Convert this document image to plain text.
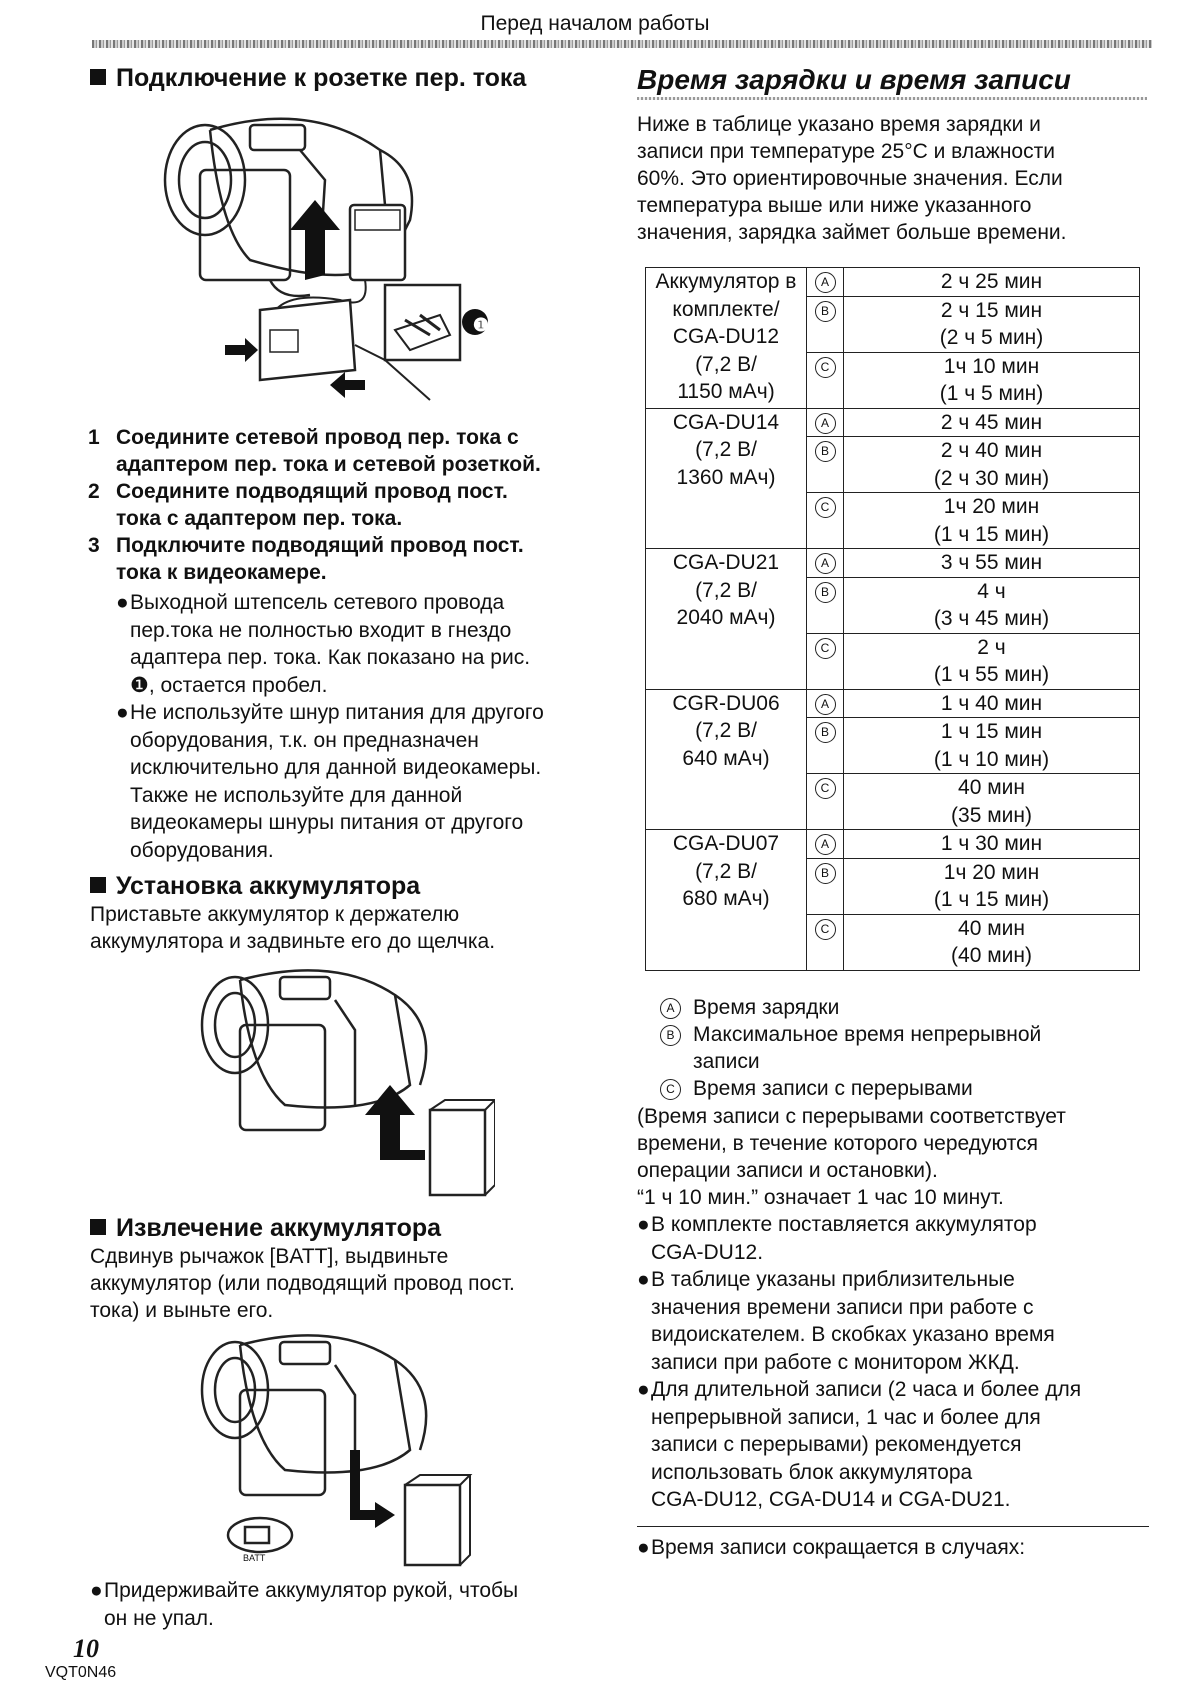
Перед началом работы
Подключение к розетке пер. тока
❶
1 Соедините сетевой провод пер. тока с
адаптером пер. тока и сетевой розеткой.
2 Соедините подводящий провод пост.
тока с адаптером пер. тока.
3 Подключите подводящий провод пост.
тока к видеокамере.
● Выходной штепсель сетевого провода
пер.тока не полностью входит в гнездо
адаптера пер. тока. Как показано на рис.
❶, остается пробел.
● Не используйте шнур питания для другого
оборудования, т.к. он предназначен
исключительно для данной видеокамеры.
Также не используйте для данной
видеокамеры шнуры питания от другого
оборудования.
Установка аккумулятора
Приставьте аккумулятор к держателю
аккумулятора и задвиньте его до щелчка.
Извлечение аккумулятора
Сдвинув рычажок [BATT], выдвиньте
аккумулятор (или подводящий провод пост.
тока) и выньте его.
BATT
● Придерживайте аккумулятор рукой, чтобы
он не упал.
10
VQT0N46
Время зарядки и время записи
Ниже в таблице указано время зарядки и
записи при температуре 25°C и влажности
60%. Это ориентировочные значения. Если
температура выше или ниже указанного
значения, зарядка займет больше времени.
Аккумулятор в
комплекте/
CGA-DU12
(7,2 В/
1150 мАч)	A	2 ч 25 мин

	B	2 ч 15 мин
(2 ч 5 мин)

	C	1ч 10 мин
(1 ч 5 мин)

CGA-DU14
(7,2 В/
1360 мАч)	A	2 ч 45 мин

	B	2 ч 40 мин
(2 ч 30 мин)

	C	1ч 20 мин
(1 ч 15 мин)

CGA-DU21
(7,2 В/
2040 мАч)	A	3 ч 55 мин

	B	4 ч
(3 ч 45 мин)

	C	2 ч
(1 ч 55 мин)

CGR-DU06
(7,2 В/
640 мАч)	A	1 ч 40 мин

	B	1 ч 15 мин
(1 ч 10 мин)

	C	40 мин
(35 мин)

CGA-DU07
(7,2 В/
680 мАч)	A	1 ч 30 мин

	B	1ч 20 мин
(1 ч 15 мин)

	C	40 мин
(40 мин)
A Время зарядки
B Максимальное время непрерывной
записи
C Время записи с перерывами
(Время записи с перерывами соответствует
времени, в течение которого чередуются
операции записи и остановки).
“1 ч 10 мин.” означает 1 час 10 минут.
● В комплекте поставляется аккумулятор
CGA-DU12.
● В таблице указаны приблизительные
значения времени записи при работе с
видоискателем. В скобках указано время
записи при работе с монитором ЖКД.
● Для длительной записи (2 часа и более для
непрерывной записи, 1 час и более для
записи с перерывами) рекомендуется
использовать блок аккумулятора
CGA-DU12, CGA-DU14 и CGA-DU21.
● Время записи сокращается в случаях:
